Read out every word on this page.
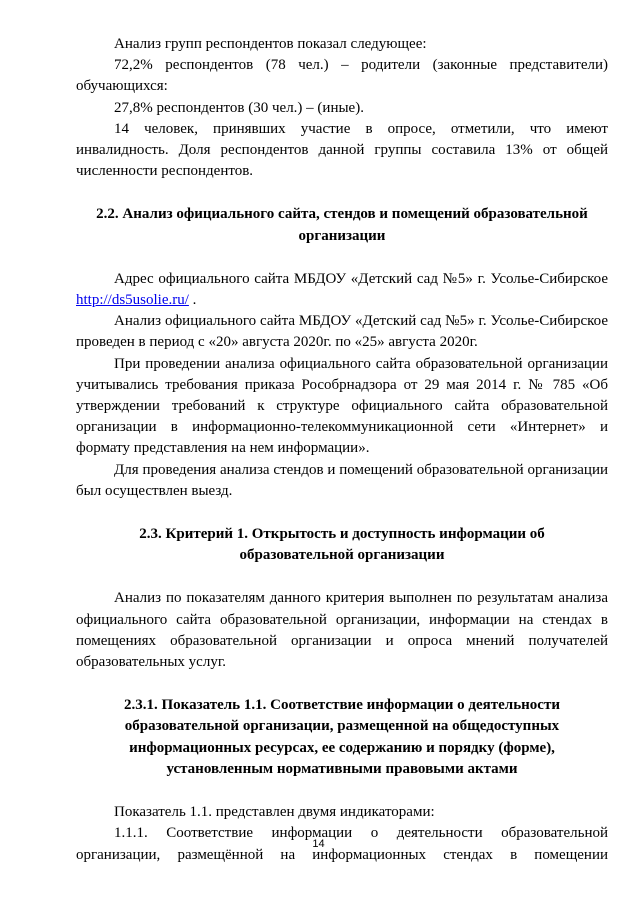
Анализ групп респондентов показал следующее:

72,2% респондентов (78 чел.) – родители (законные представители) обучающихся:

27,8% респондентов (30 чел.) – (иные).

14 человек, принявших участие в опросе, отметили, что имеют инвалидность. Доля респондентов данной группы составила 13% от общей численности респондентов.

2.2. Анализ официального сайта, стендов и помещений образовательной организации

Адрес официального сайта МБДОУ «Детский сад №5» г. Усолье-Сибирское http://ds5usolie.ru/ .

Анализ официального сайта МБДОУ «Детский сад №5» г. Усолье-Сибирское проведен в период с «20» августа 2020г. по «25» августа 2020г.

При проведении анализа официального сайта образовательной организации учитывались требования приказа Рособрнадзора от 29 мая 2014 г. № 785 «Об утверждении требований к структуре официального сайта образовательной организации в информационно-телекоммуникационной сети «Интернет» и формату представления на нем информации».

Для проведения анализа стендов и помещений образовательной организации был осуществлен выезд.

2.3. Критерий 1. Открытость и доступность информации об образовательной организации

Анализ по показателям данного критерия выполнен по результатам анализа официального сайта образовательной организации, информации на стендах в помещениях образовательной организации и опроса мнений получателей образовательных услуг.

2.3.1. Показатель 1.1. Соответствие информации о деятельности образовательной организации, размещенной на общедоступных информационных ресурсах, ее содержанию и порядку (форме), установленным нормативными правовыми актами

Показатель 1.1. представлен двумя индикаторами:

1.1.1. Соответствие информации о деятельности образовательной организации, размещённой на информационных стендах в помещении

14
